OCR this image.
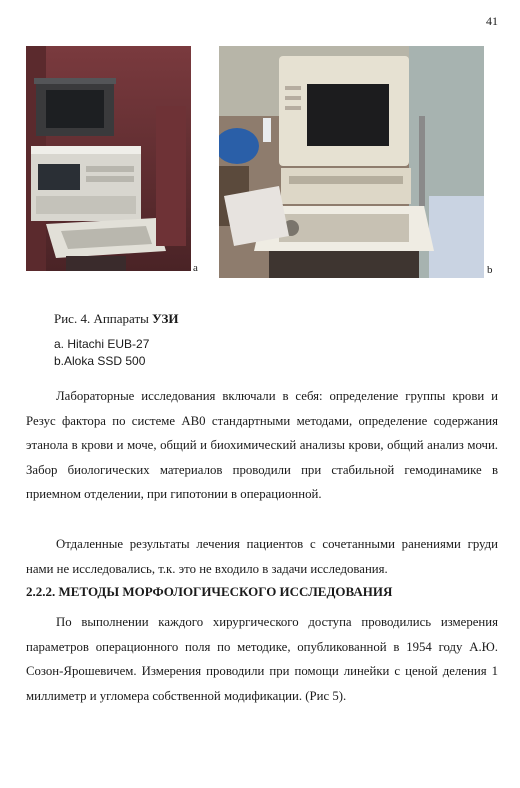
41
a	b
Рис. 4. Аппараты УЗИ
a. Hitachi EUB-27
b.Aloka SSD 500

Лабораторные исследования включали в себя: определение группы крови и Резус фактора по системе АВ0 стандартными методами, определение содержания этанола в крови и моче, общий и биохимический анализы крови, общий анализ мочи. Забор биологических материалов проводили при стабильной гемодинамике в приемном отделении, при гипотонии в операционной.

Отдаленные результаты лечения пациентов с сочетанными ранениями груди нами не исследовались, т.к. это не входило в задачи исследования.

2.2.2. МЕТОДЫ МОРФОЛОГИЧЕСКОГО ИССЛЕДОВАНИЯ

По выполнении каждого хирургического доступа проводились измерения параметров операционного поля по методике, опубликованной в 1954 году А.Ю. Созон-Ярошевичем. Измерения проводили при помощи линейки с ценой деления 1 миллиметр и угломера собственной модификации. (Рис 5).
